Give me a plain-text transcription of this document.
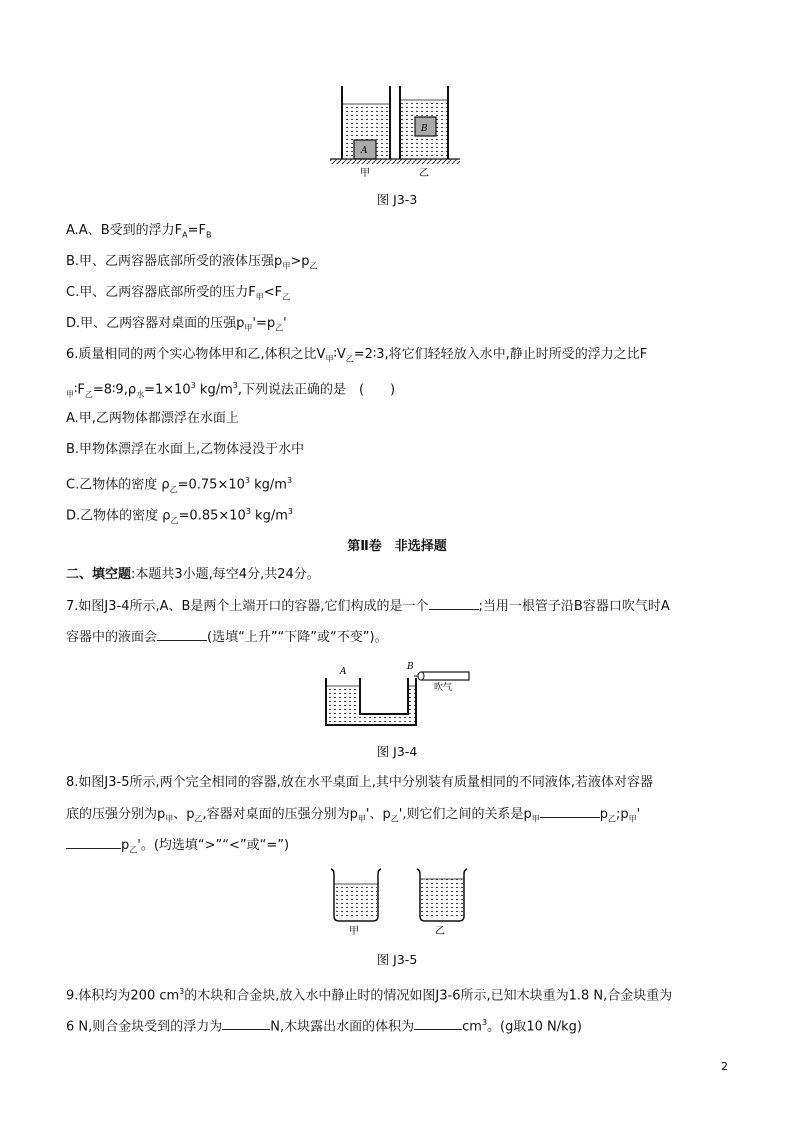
A
B
甲	乙
图 J3-3
A.A、B受到的浮力$F_A=F_B$
B.甲、乙两容器底部所受的液体压强$p_甲>p_乙$
C.甲、乙两容器底部所受的压力$F_甲<F_乙$
D.甲、乙两容器对桌面的压强$p_甲'=p_乙'$
6.质量相同的两个实心物体甲和乙,体积之比$V_甲∶V_乙=2∶3$,将它们轻轻放入水中,静止时所受的浮力之比F
$_甲∶F_乙=8∶9,\rho_水=1\times 10^3$ $kg/m^3$,下列说法正确的是　(　　)
A.甲,乙两物体都漂浮在水面上
B.甲物体漂浮在水面上,乙物体浸没于水中
C.乙物体的密度 $\rho_乙=0.75\times 10^3$ $kg/m^3$
D.乙物体的密度 $\rho_乙=0.85\times 10^3$ $kg/m^3$
第Ⅱ卷　非选择题
二、填空题:本题共3小题,每空4分,共24分。
7.如图J3-4所示,A、B是两个上端开口的容器,它们构成的是一个	;当用一根管子沿B容器口吹气时A
容器中的液面会	(选填“上升”“下降”或“不变”)。
A	B
吹气
图 J3-4
8.如图J3-5所示,两个完全相同的容器,放在水平桌面上,其中分别装有质量相同的不同液体,若液体对容器
底的压强分别为$p_甲$、$p_乙$,容器对桌面的压强分别为$p_甲'$、$p_乙'$,则它们之间的关系是$p_甲$	$p_乙;p_甲'$
$p_乙'$。(均选填“>”“<”或“=”)
甲	乙
图 J3-5
9.体积均为200 $cm^3$的木块和合金块,放入水中静止时的情况如图J3-6所示,已知木块重为1.8 N,合金块重为
6 N,则合金块受到的浮力为	N,木块露出水面的体积为	$cm^3$。(g取10 N/kg)
2
